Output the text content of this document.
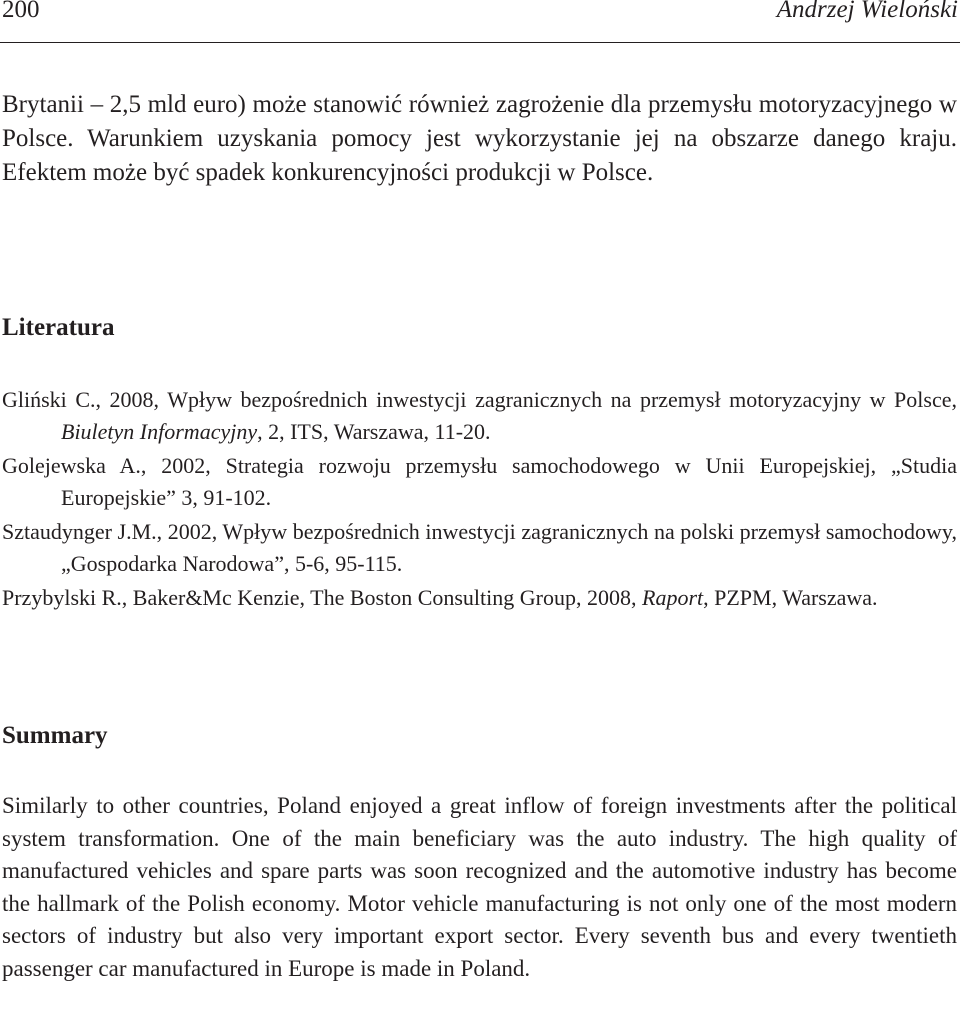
200	Andrzej Wieloński
Brytanii – 2,5 mld euro) może stanowić również zagrożenie dla przemysłu motoryzacyjnego w Polsce. Warunkiem uzyskania pomocy jest wykorzystanie jej na obszarze danego kraju. Efektem może być spadek konkurencyjności produkcji w Polsce.
Literatura

Gliński C., 2008, Wpływ bezpośrednich inwestycji zagranicznych na przemysł motoryzacyjny w Polsce, Biuletyn Informacyjny, 2, ITS, Warszawa, 11-20.

Golejewska A., 2002, Strategia rozwoju przemysłu samochodowego w Unii Europejskiej, „Studia Europejskie” 3, 91-102.

Sztaudynger J.M., 2002, Wpływ bezpośrednich inwestycji zagranicznych na polski przemysł samochodowy, „Gospodarka Narodowa”, 5-6, 95-115.

Przybylski R., Baker&Mc Kenzie, The Boston Consulting Group, 2008, Raport, PZPM, Warszawa.

Summary
Similarly to other countries, Poland enjoyed a great inflow of foreign investments after the political system transformation. One of the main beneficiary was the auto industry. The high quality of manufactured vehicles and spare parts was soon recognized and the automotive industry has become the hallmark of the Polish economy. Motor vehicle manufacturing is not only one of the most modern sectors of industry but also very important export sector. Every seventh bus and every twentieth passenger car manufactured in Europe is made in Poland.
